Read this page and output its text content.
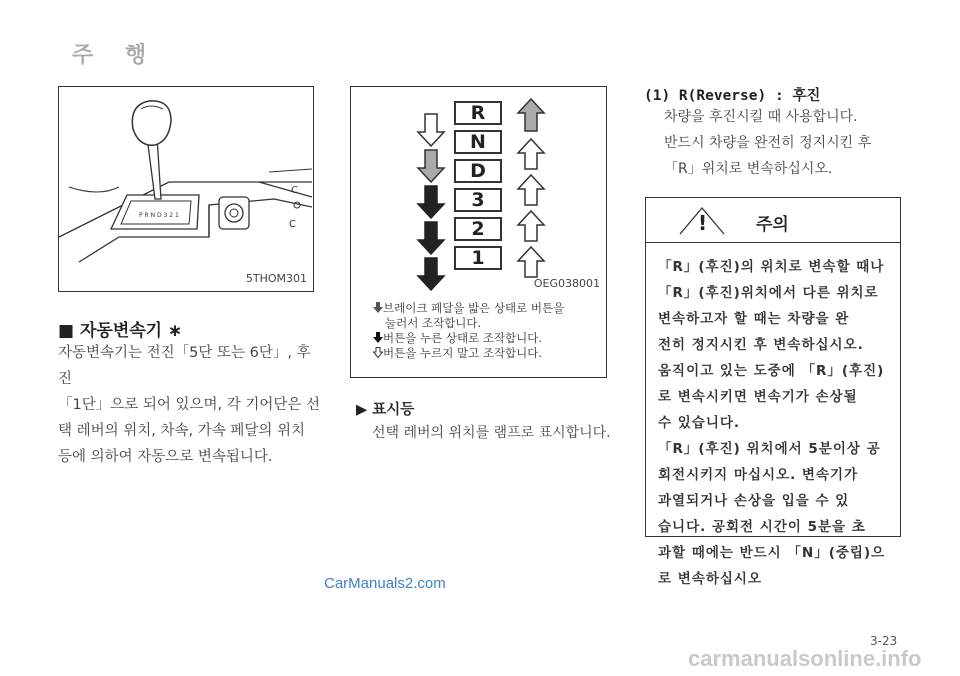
주 행
P R N D 3 2 1
C
C
5THOM301
■ 자동변속기 ∗
자동변속기는 전진「5단 또는 6단」, 후진
「1단」으로 되어 있으며, 각 기어단은 선
택 레버의 위치, 차속, 가속 페달의 위치
등에 의하여 자동으로 변속됩니다.
R
N
D
3
2
1
OEG038001
브레이크 페달을 밟은 상태로 버튼을
눌러서 조작합니다.
버튼을 누른 상태로 조작합니다.
버튼을 누르지 말고 조작합니다.
▶ 표시등
선택 레버의 위치를 램프로 표시합니다.
(1) R(Reverse) : 후진
차량을 후진시킬 때 사용합니다.
반드시 차량을 완전히 정지시킨 후
「R」위치로 변속하십시오.
!	주의
「R」(후진)의 위치로 변속할 때나
「R」(후진)위치에서 다른 위치로
변속하고자 할 때는 차량을 완
전히 정지시킨 후 변속하십시오.
움직이고 있는 도중에 「R」(후진)
로 변속시키면 변속기가 손상될
수 있습니다.
「R」(후진) 위치에서 5분이상 공
회전시키지 마십시오. 변속기가
과열되거나 손상을 입을 수 있
습니다. 공회전 시간이 5분을 초
과할 때에는 반드시 「N」(중립)으
로 변속하십시오
CarManuals2.com
3-23
carmanualsonline.info
